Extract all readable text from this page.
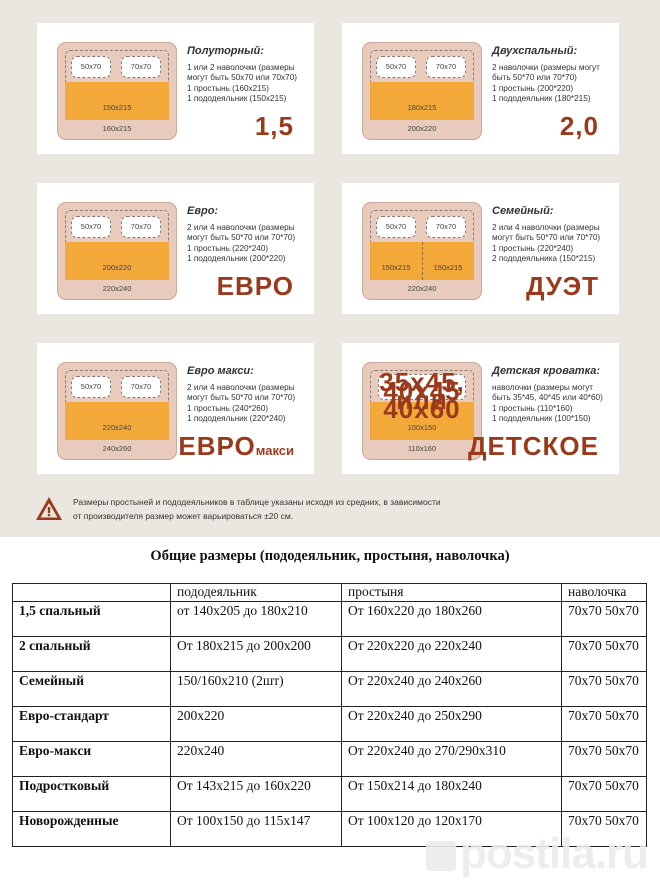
50x70	70x70
150x215
160x215
Полуторный:
1 или 2 наволочки (размеры
могут быть 50x70 или 70x70)
1 простынь (160x215)
1 пододеяльник (150x215)
1,5
50x70	70x70
180x215
200x220
Двухспальный:
2 наволочки (размеры могут
быть 50*70 или 70*70)
1 простынь (200*220)
1 пододеяльник (180*215)
2,0
50x70	70x70
200x220
220x240
Евро:
2 или 4 наволочки (размеры
могут быть 50*70 или 70*70)
1 простынь (220*240)
1 пододеяльник (200*220)
ЕВРО
50x70	70x70
150x215	150x215
220x240
Семейный:
2 или 4 наволочки (размеры
могут быть 50*70 или 70*70)
1 простынь (220*240)
2 пододеяльника (150*215)
ДУЭТ
50x70	70x70
220x240
240x260
Евро макси:
2 или 4 наволочки (размеры
могут быть 50*70 или 70*70)
1 простынь (240*260)
1 пододеяльник (220*240)
ЕВРОмакси
35x45, 40x45 или 40x60
100x150
110x160
Детская кроватка:
наволочки (размеры могут
быть 35*45, 40*45 или 40*60)
1 простынь (110*160)
1 пододеяльник (100*150)
ДЕТСКОЕ
Размеры простыней и пододеяльников в таблице указаны исходя из средних, в зависимости
от производителя размер может варьироваться ±20 см.
Общие размеры (пододеяльник, простыня, наволочка)
	пододеяльник	простыня	наволочка
1,5 спальный	от 140x205 до 180x210	От 160x220 до 180x260	70x70 50x70
2 спальный	От 180x215 до 200x200	От 220x220 до 220x240	70x70 50x70
Семейный	150/160x210 (2шт)	От 220x240 до 240x260	70x70 50x70
Евро-стандарт	200x220	От 220x240 до 250x290	70x70 50x70
Евро-макси	220x240	От 220x240 до 270/290x310	70x70 50x70
Подростковый	От 143x215 до 160x220	От 150x214 до 180x240	70x70 50x70
Новорожденные	От 100x150 до 115x147	От 100x120 до 120x170	70x70 50x70
postila.ru
